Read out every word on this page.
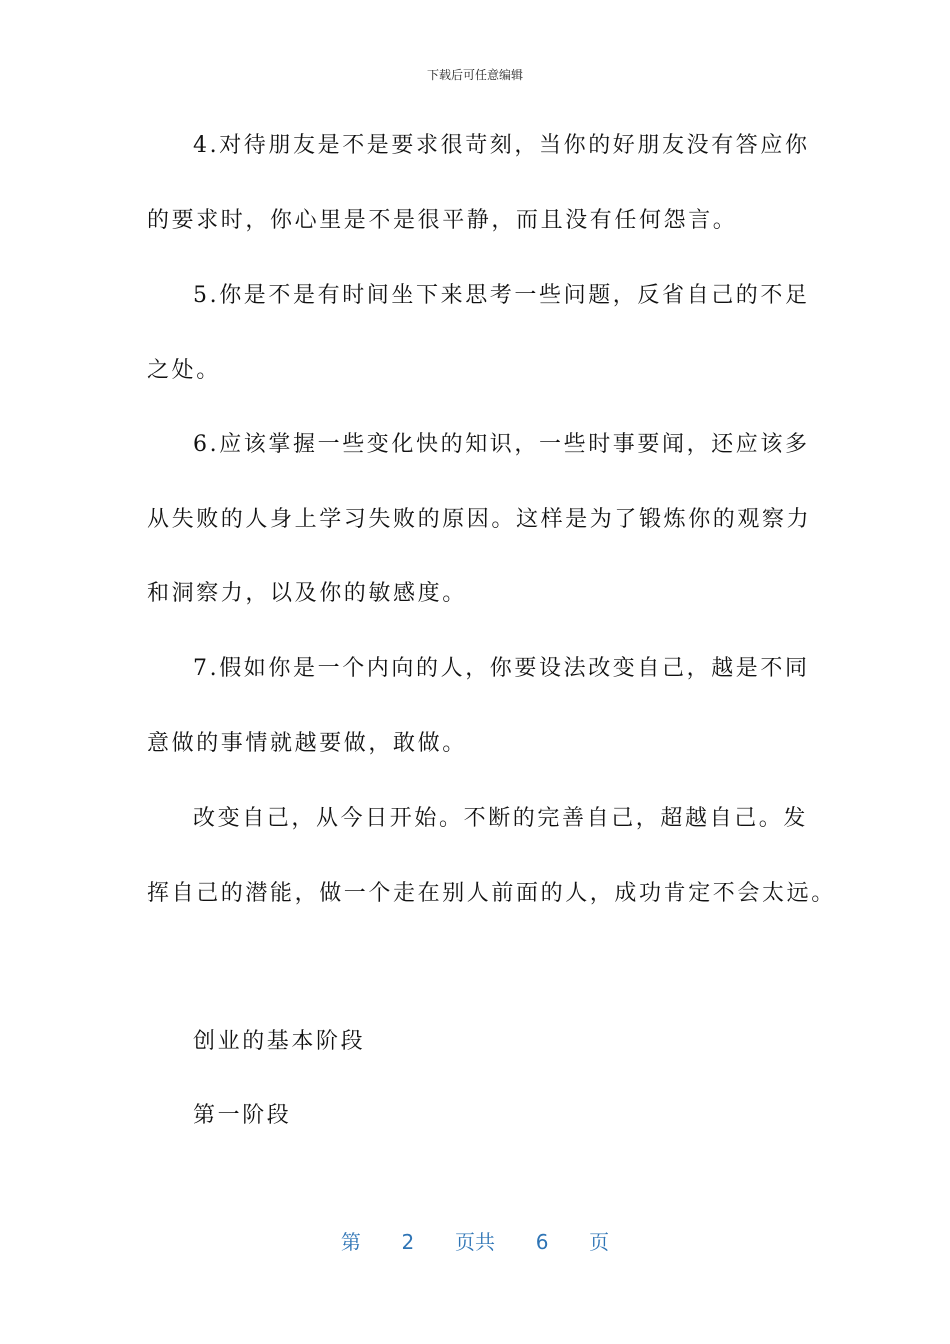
下载后可任意编辑
4.对待朋友是不是要求很苛刻，当你的好朋友没有答应你
的要求时，你心里是不是很平静，而且没有任何怨言。
5.你是不是有时间坐下来思考一些问题，反省自己的不足
之处。
6.应该掌握一些变化快的知识，一些时事要闻，还应该多
从失败的人身上学习失败的原因。这样是为了锻炼你的观察力
和洞察力，以及你的敏感度。
7.假如你是一个内向的人，你要设法改变自己，越是不同
意做的事情就越要做，敢做。
改变自己，从今日开始。不断的完善自己，超越自己。发
挥自己的潜能，做一个走在别人前面的人，成功肯定不会太远。
创业的基本阶段
第一阶段
第 2 页共 6 页
